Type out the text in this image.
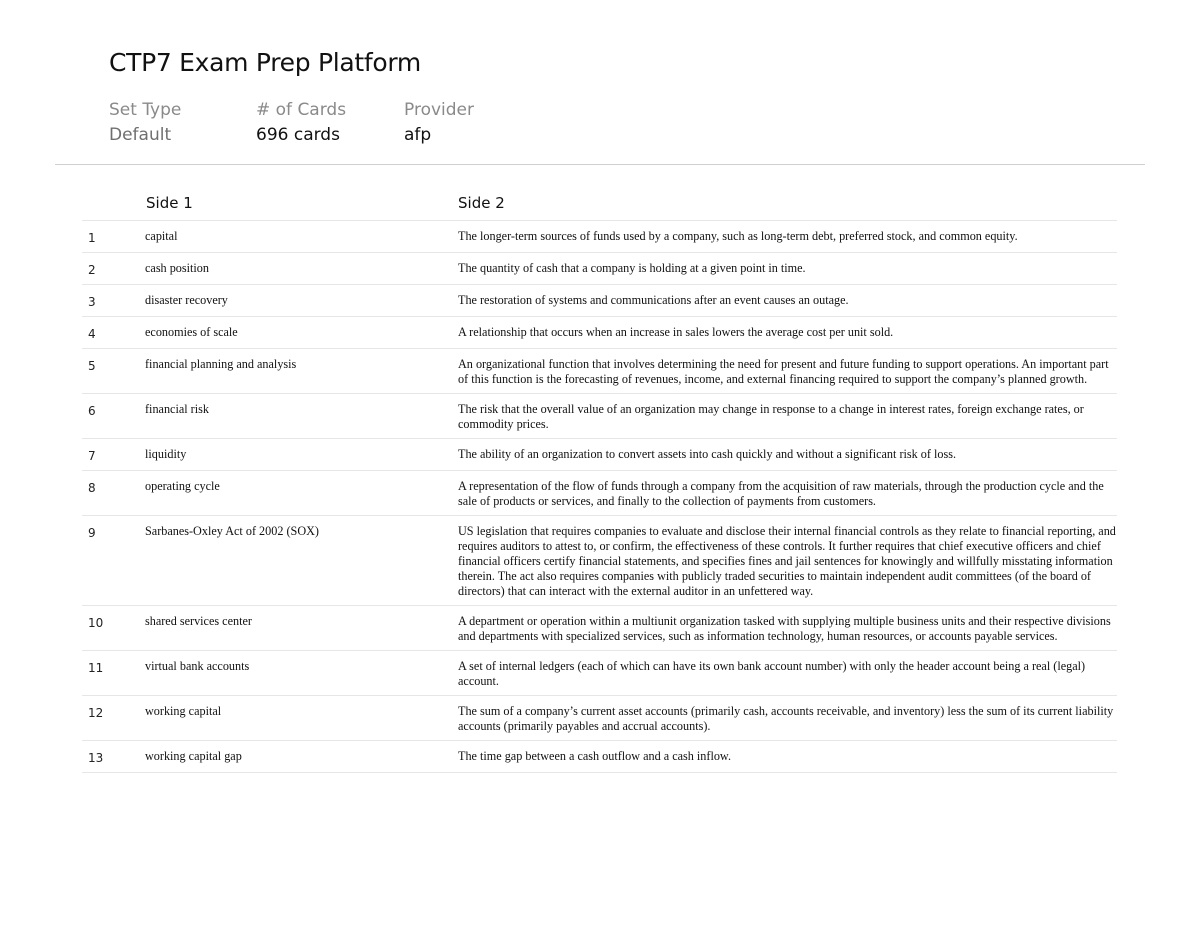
CTP7 Exam Prep Platform
Set Type
Default
# of Cards
696 cards
Provider
afp
	Side 1	Side 2
1	capital	The longer-term sources of funds used by a company, such as long-term debt, preferred stock, and common equity.
2	cash position	The quantity of cash that a company is holding at a given point in time.
3	disaster recovery	The restoration of systems and communications after an event causes an outage.
4	economies of scale	A relationship that occurs when an increase in sales lowers the average cost per unit sold.
5	financial planning and analysis	An organizational function that involves determining the need for present and future funding to support operations. An important part of this function is the forecasting of revenues, income, and external financing required to support the company’s planned growth.
6	financial risk	The risk that the overall value of an organization may change in response to a change in interest rates, foreign exchange rates, or commodity prices.
7	liquidity	The ability of an organization to convert assets into cash quickly and without a significant risk of loss.
8	operating cycle	A representation of the flow of funds through a company from the acquisition of raw materials, through the production cycle and the sale of products or services, and finally to the collection of payments from customers.
9	Sarbanes-Oxley Act of 2002 (SOX)	US legislation that requires companies to evaluate and disclose their internal financial controls as they relate to financial reporting, and requires auditors to attest to, or confirm, the effectiveness of these controls. It further requires that chief executive officers and chief financial officers certify financial statements, and specifies fines and jail sentences for knowingly and willfully misstating information therein. The act also requires companies with publicly traded securities to maintain independent audit committees (of the board of directors) that can interact with the external auditor in an unfettered way.
10	shared services center	A department or operation within a multiunit organization tasked with supplying multiple business units and their respective divisions and departments with specialized services, such as information technology, human resources, or accounts payable services.
11	virtual bank accounts	A set of internal ledgers (each of which can have its own bank account number) with only the header account being a real (legal) account.
12	working capital	The sum of a company’s current asset accounts (primarily cash, accounts receivable, and inventory) less the sum of its current liability accounts (primarily payables and accrual accounts).
13	working capital gap	The time gap between a cash outflow and a cash inflow.
